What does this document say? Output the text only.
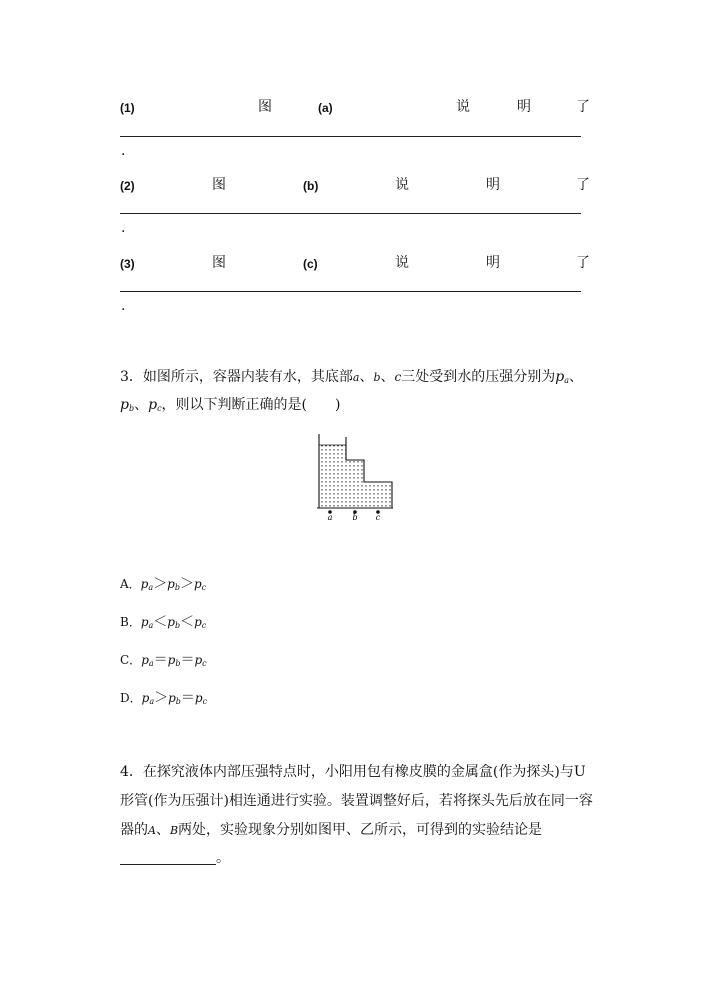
(1)	图	(a)	说	明	了
.
(2)	图	(b)	说	明	了
.
(3)	图	(c)	说	明	了
.
3．如图所示，容器内装有水，其底部a、b、c三处受到水的压强分别为$p_a$、
$p_b$、$p_c$，则以下判断正确的是(　　)
a	b c
A．$p_a>p_b>p_c$
B．$p_a<p_b<p_c$
C．$p_a=p_b=p_c$
D．$p_a>p_b=p_c$
4．在探究液体内部压强特点时，小阳用包有橡皮膜的金属盒(作为探头)与U
形管(作为压强计)相连通进行实验。装置调整好后，若将探头先后放在同一容
器的A、B两处，实验现象分别如图甲、乙所示，可得到的实验结论是
。
